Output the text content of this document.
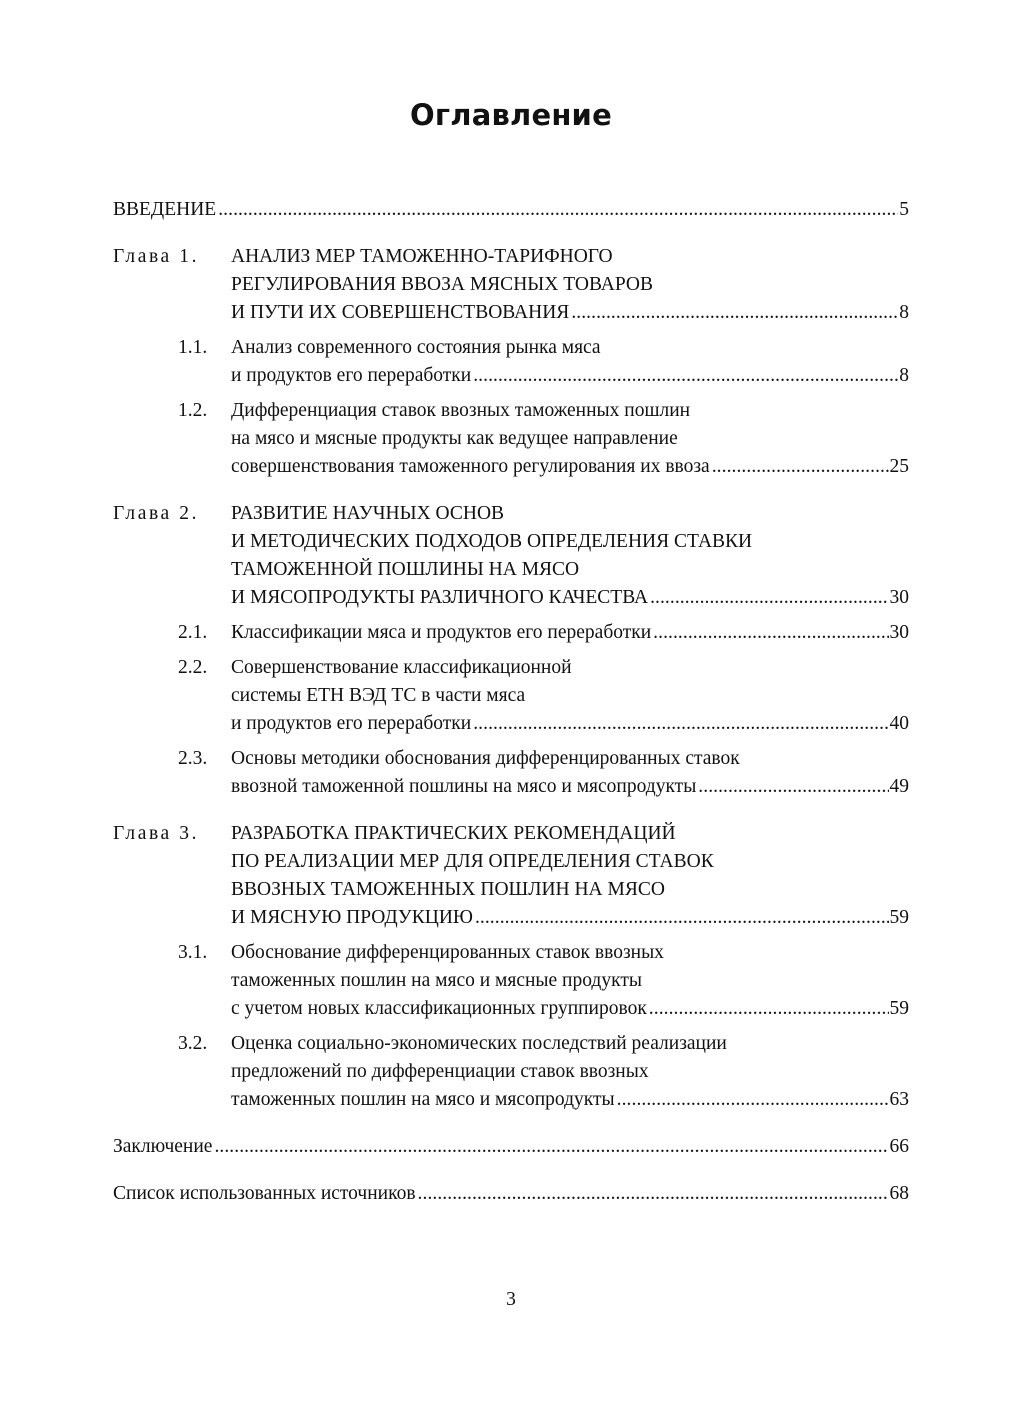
Оглавление
ВВЕДЕНИЕ . . .	5
Глава 1. АНАЛИЗ МЕР ТАМОЖЕННО-ТАРИФНОГО
РЕГУЛИРОВАНИЯ ВВОЗА МЯСНЫХ ТОВАРОВ
И ПУТИ ИХ СОВЕРШЕНСТВОВАНИЯ . . .	8
1.1. Анализ современного состояния рынка мяса
и продуктов его переработки . . .	8
1.2. Дифференциация ставок ввозных таможенных пошлин
на мясо и мясные продукты как ведущее направление
совершенствования таможенного регулирования их ввоза . . .	25
Глава 2. РАЗВИТИЕ НАУЧНЫХ ОСНОВ
И МЕТОДИЧЕСКИХ ПОДХОДОВ ОПРЕДЕЛЕНИЯ СТАВКИ
ТАМОЖЕННОЙ ПОШЛИНЫ НА МЯСО
И МЯСОПРОДУКТЫ РАЗЛИЧНОГО КАЧЕСТВА . . .	30
2.1. Классификации мяса и продуктов его переработки . . .	30
2.2. Совершенствование классификационной
системы ЕТН ВЭД ТС в части мяса
и продуктов его переработки . . .	40
2.3. Основы методики обоснования дифференцированных ставок
ввозной таможенной пошлины на мясо и мясопродукты . . .	49
Глава 3. РАЗРАБОТКА ПРАКТИЧЕСКИХ РЕКОМЕНДАЦИЙ
ПО РЕАЛИЗАЦИИ МЕР ДЛЯ ОПРЕДЕЛЕНИЯ СТАВОК
ВВОЗНЫХ ТАМОЖЕННЫХ ПОШЛИН НА МЯСО
И МЯСНУЮ ПРОДУКЦИЮ . . .	59
3.1. Обоснование дифференцированных ставок ввозных
таможенных пошлин на мясо и мясные продукты
с учетом новых классификационных группировок . . .	59
3.2. Оценка социально-экономических последствий реализации
предложений по дифференциации ставок ввозных
таможенных пошлин на мясо и мясопродукты . . .	63
Заключение . . .	66
Список использованных источников . . .	68
3
